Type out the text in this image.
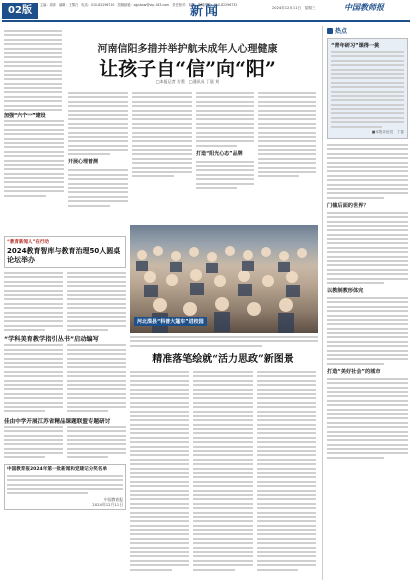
02版	主编：周萍　编辑：王黎白　电话：010-82296710　投稿邮箱：zgjsbxw@vip.163.com　责任校对：刘梦　新闻热线：010-82296732
新闻	2024年12月11日　星期三	中国教师报
河南信阳多措并举护航未成年人心理健康
让孩子自“信”向“阳”
□本报记者 方墨　□通讯员 丁晨 刘
加强“六个一”建设
开展心理普测
打造“阳光心态”品牌
河北滦县“科普大篷车”进校园
“教育新闻人”在行动
2024教育智库与教育治理50人圆桌论坛举办
“学科美育教学指引丛书”启动编写
佳由中学开展江苏省精品课题联盟专题研讨
中国教育报2024年第一批新闻和党建记分奖名单
中国教育报
2024年12月11日
精准落笔绘就“活力思政”新图景
热点
“青年研习”课得一挑
■本报评论员　丁春
门槛后面的世界？
以教制教形体完
打造“美好社会”的城市
